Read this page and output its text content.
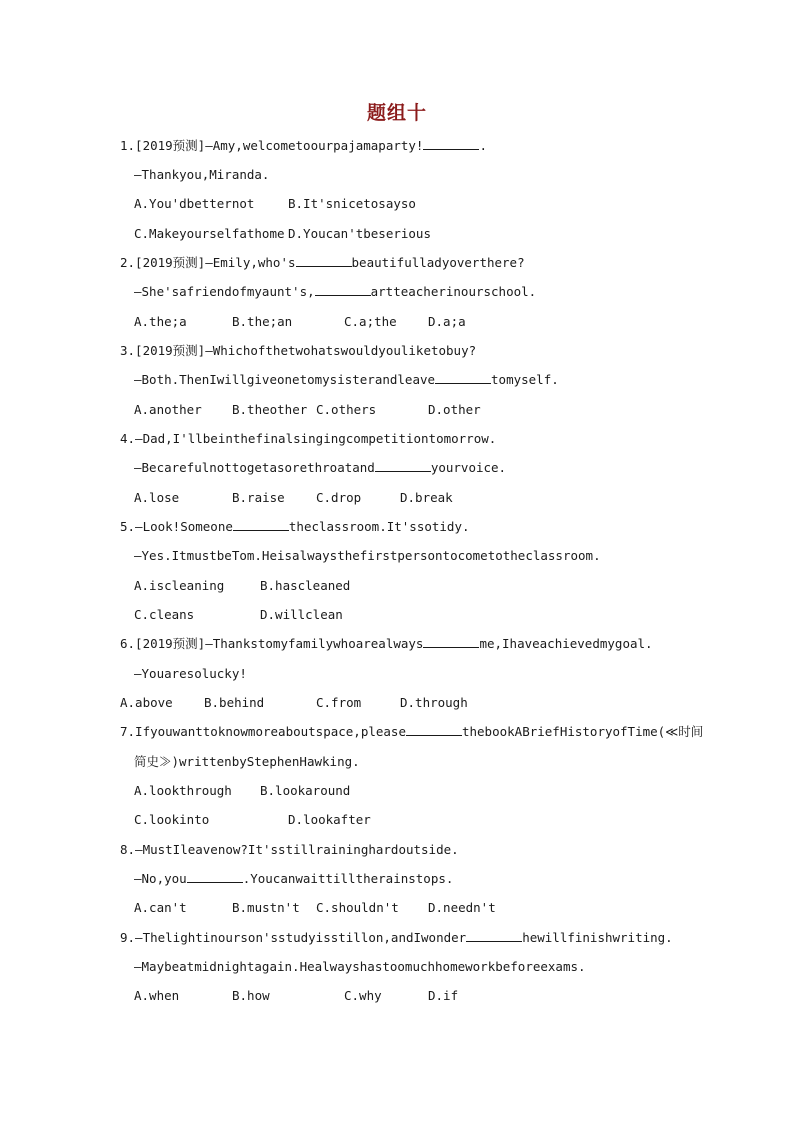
题组十
1.[2019预测]—Amy,welcometoourpajamaparty!	.
—Thankyou,Miranda.
A.You'dbetternot	B.It'snicetosayso
C.Makeyourselfathome D.Youcan'tbeserious
2.[2019预测]—Emily,who's	beautifulladyoverthere?
—She'safriendofmyaunt's,	artteacherinourschool.
A.the;a	B.the;an	C.a;the	D.a;a
3.[2019预测]—Whichofthetwohatswouldyouliketobuy?
—Both.ThenIwillgiveonetomysisterandleave	tomyself.
A.another B.theother C.others	D.other
4.—Dad,I'llbeinthefinalsingingcompetitiontomorrow.
—Becarefulnottogetasorethroatand	yourvoice.
A.lose	B.raise	C.drop	D.break
5.—Look!Someone	theclassroom.It'ssotidy.
—Yes.ItmustbeTom.Heisalwaysthefirstpersontocometotheclassroom.
A.iscleaning	B.hascleaned
C.cleans	D.willclean
6.[2019预测]—Thankstomyfamilywhoarealways	me,Ihaveachievedmygoal.
—Youaresolucky!
A.above	B.behind	C.from	D.through
7.Ifyouwanttoknowmoreaboutspace,please	thebookABriefHistoryofTime(≪时间
简史≫)writtenbyStephenHawking.
A.lookthrough B.lookaround
C.lookinto	D.lookafter
8.—MustIleavenow?It'sstillraininghardoutside.
—No,you	.Youcanwaittilltherainstops.
A.can't	B.mustn't C.shouldn't D.needn't
9.—Thelightinourson'sstudyisstillon,andIwonder	hewillfinishwriting.
—Maybeatmidnightagain.Healwayshastoomuchhomeworkbeforeexams.
A.when	B.how	C.why	D.if
